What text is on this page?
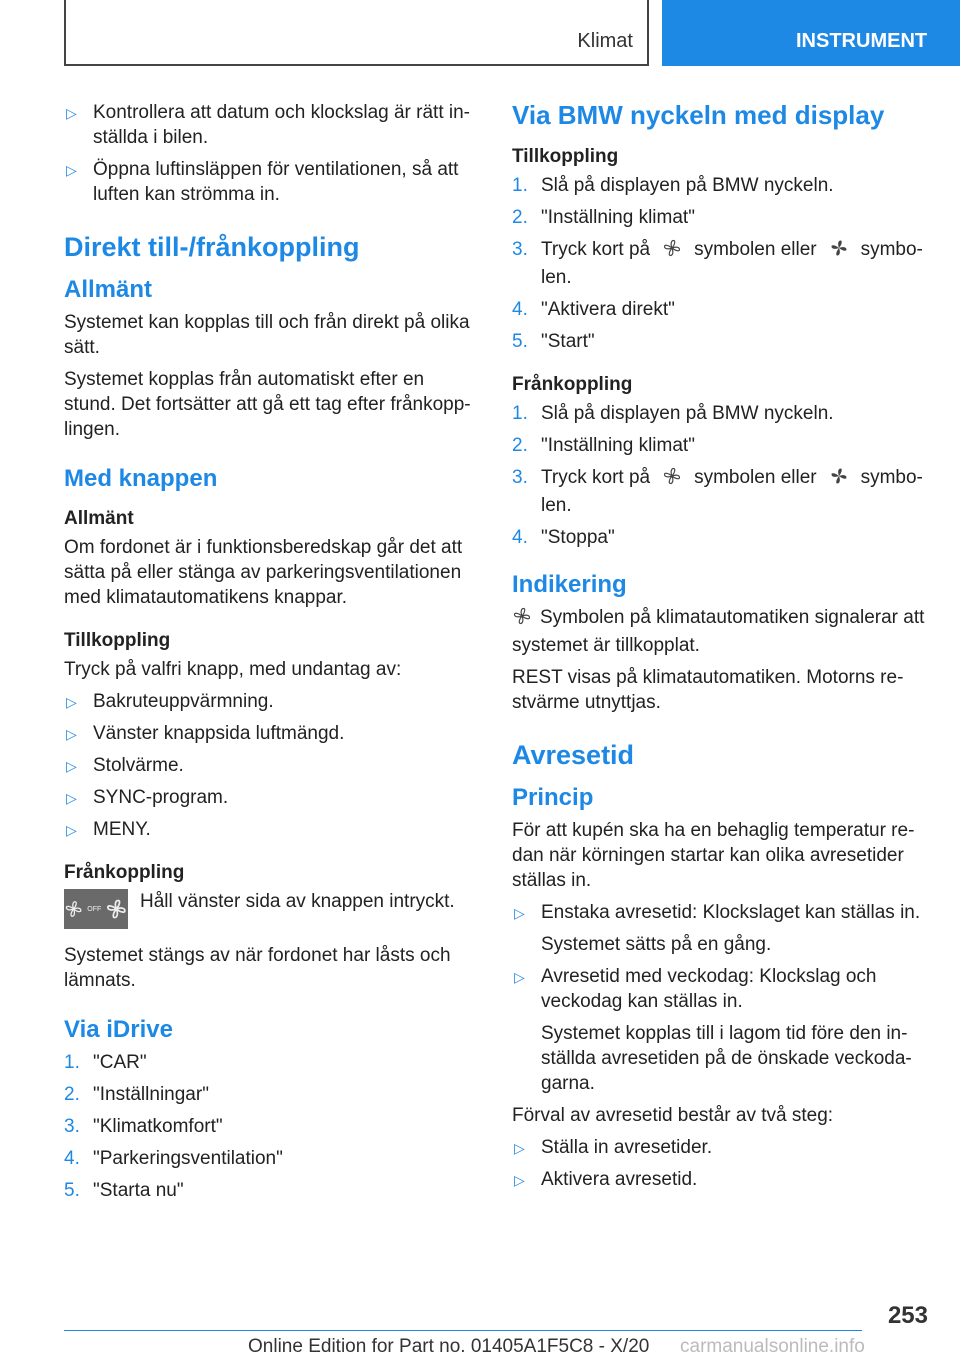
Klimat	INSTRUMENT
▷ Kontrollera att datum och klockslag är rätt in-ställda i bilen.
▷ Öppna luftinsläppen för ventilationen, så att luften kan strömma in.
Direkt till-/frånkoppling
Allmänt

Systemet kan kopplas till och från direkt på olika sätt.

Systemet kopplas från automatiskt efter en stund. Det fortsätter att gå ett tag efter frånkopp-lingen.

Med knappen
Allmänt

Om fordonet är i funktionsberedskap går det att sätta på eller stänga av parkeringsventilationen med klimatautomatikens knappar.

Tillkoppling

Tryck på valfri knapp, med undantag av:

▷ Bakruteuppvärmning.
▷ Vänster knappsida luftmängd.
▷ Stolvärme.
▷ SYNC-program.
▷ MENY.
Frånkoppling
OFF Håll vänster sida av knappen intryckt.

Systemet stängs av när fordonet har låsts och lämnats.

Via iDrive
1. "CAR"
2. "Inställningar"
3. "Klimatkomfort"
4. "Parkeringsventilation"
5. "Starta nu"
Via BMW nyckeln med display
Tillkoppling
1. Slå på displayen på BMW nyckeln.
2. "Inställning klimat"
3. Tryck kort på symbolen eller symbo-len.
4. "Aktivera direkt"
5. "Start"
Frånkoppling
1. Slå på displayen på BMW nyckeln.
2. "Inställning klimat"
3. Tryck kort på symbolen eller symbo-len.
4. "Stoppa"
Indikering

Symbolen på klimatautomatiken signalerar att systemet är tillkopplat.

REST visas på klimatautomatiken. Motorns re-stvärme utnyttjas.

Avresetid
Princip

För att kupén ska ha en behaglig temperatur re-dan när körningen startar kan olika avresetider ställas in.

▷ Enstaka avresetid: Klockslaget kan ställas in.
Systemet sätts på en gång.
▷ Avresetid med veckodag: Klockslag och veckodag kan ställas in.
Systemet kopplas till i lagom tid före den in-ställda avresetiden på de önskade veckoda-garna.

Förval av avresetid består av två steg:

▷ Ställa in avresetider.
▷ Aktivera avresetid.
253
Online Edition for Part no. 01405A1F5C8 - X/20 carmanualsonline.info
